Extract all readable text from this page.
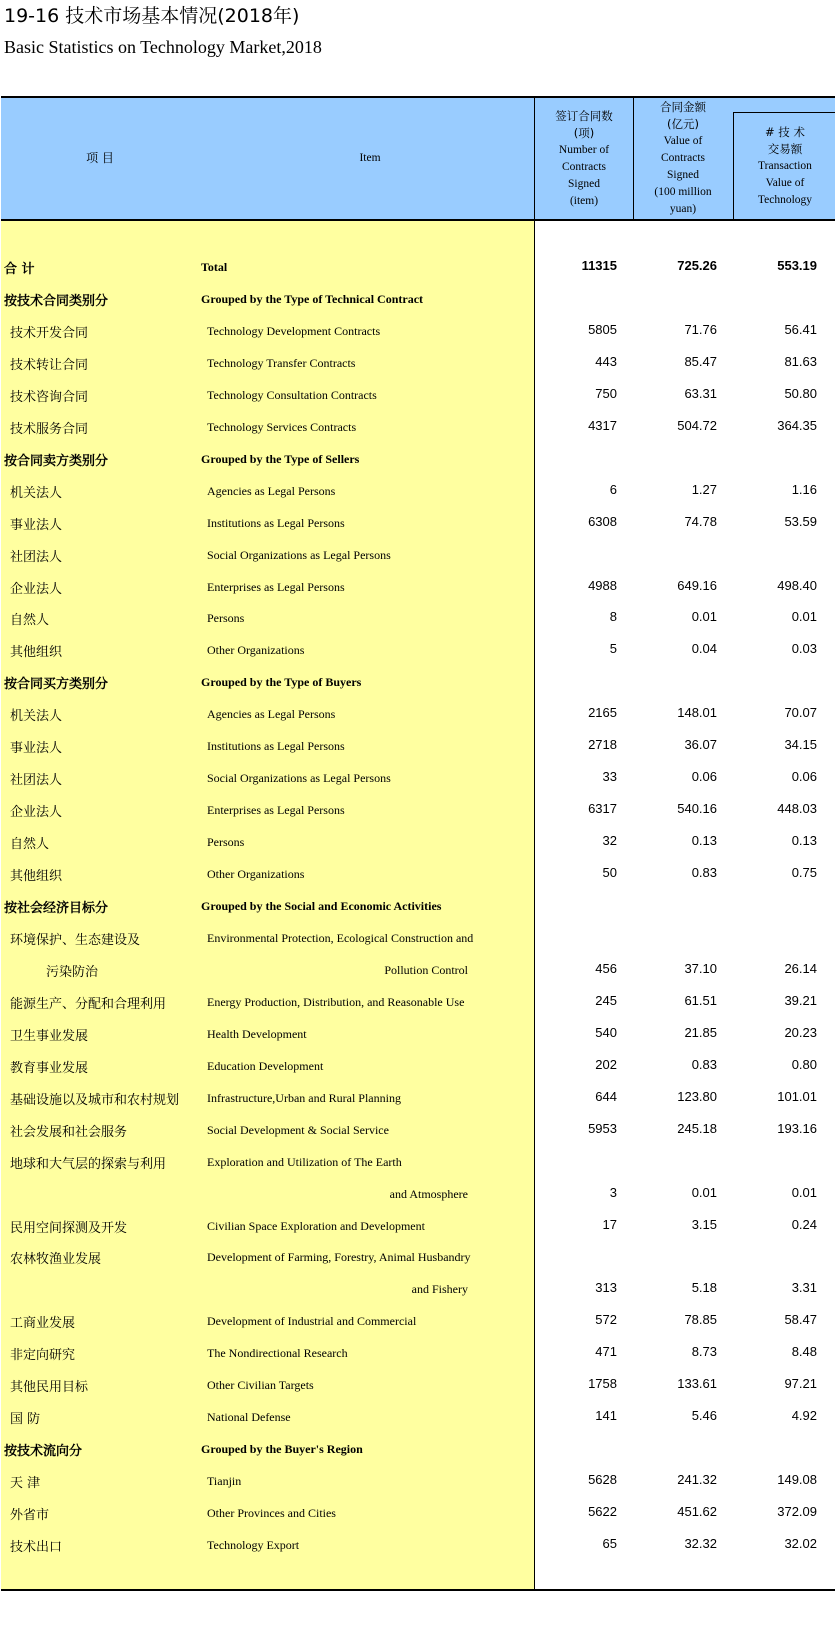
19-16 技术市场基本情况(2018年)
Basic Statistics on Technology Market,2018
项 目	Item
签订合同数
(项)
Number of
Contracts
Signed
(item)
合同金额
(亿元)
Value of
Contracts
Signed
(100 million
yuan)
# 技 术
交易额
Transaction
Value of
Technology
合 计	Total	11315	725.26	553.19
按技术合同类别分	Grouped by the Type of Technical Contract
技术开发合同	Technology Development Contracts	5805	71.76	56.41
技术转让合同	Technology Transfer Contracts	443	85.47	81.63
技术咨询合同	Technology Consultation Contracts	750	63.31	50.80
技术服务合同	Technology Services Contracts	4317	504.72	364.35
按合同卖方类别分	Grouped by the Type of Sellers
机关法人	Agencies as Legal Persons	6	1.27	1.16
事业法人	Institutions as Legal Persons	6308	74.78	53.59
社团法人	Social Organizations as Legal Persons
企业法人	Enterprises as Legal Persons	4988	649.16	498.40
自然人	Persons	8	0.01	0.01
其他组织	Other Organizations	5	0.04	0.03
按合同买方类别分	Grouped by the Type of Buyers
机关法人	Agencies as Legal Persons	2165	148.01	70.07
事业法人	Institutions as Legal Persons	2718	36.07	34.15
社团法人	Social Organizations as Legal Persons	33	0.06	0.06
企业法人	Enterprises as Legal Persons	6317	540.16	448.03
自然人	Persons	32	0.13	0.13
其他组织	Other Organizations	50	0.83	0.75
按社会经济目标分	Grouped by the Social and Economic Activities
环境保护、生态建设及	Environmental Protection, Ecological Construction and
污染防治	Pollution Control	456	37.10	26.14
能源生产、分配和合理利用	Energy Production, Distribution, and Reasonable Use	245	61.51	39.21
卫生事业发展	Health Development	540	21.85	20.23
教育事业发展	Education Development	202	0.83	0.80
基础设施以及城市和农村规划 Infrastructure,Urban and Rural Planning	644	123.80	101.01
社会发展和社会服务	Social Development & Social Service	5953	245.18	193.16
地球和大气层的探索与利用	Exploration and Utilization of The Earth
and Atmosphere	3	0.01	0.01
民用空间探测及开发	Civilian Space Exploration and Development	17	3.15	0.24
农林牧渔业发展	Development of Farming, Forestry, Animal Husbandry
and Fishery	313	5.18	3.31
工商业发展	Development of Industrial and Commercial	572	78.85	58.47
非定向研究	The Nondirectional Research	471	8.73	8.48
其他民用目标	Other Civilian Targets	1758	133.61	97.21
国 防	National Defense	141	5.46	4.92
按技术流向分	Grouped by the Buyer's Region
天 津	Tianjin	5628	241.32	149.08
外省市	Other Provinces and Cities	5622	451.62	372.09
技术出口	Technology Export	65	32.32	32.02
